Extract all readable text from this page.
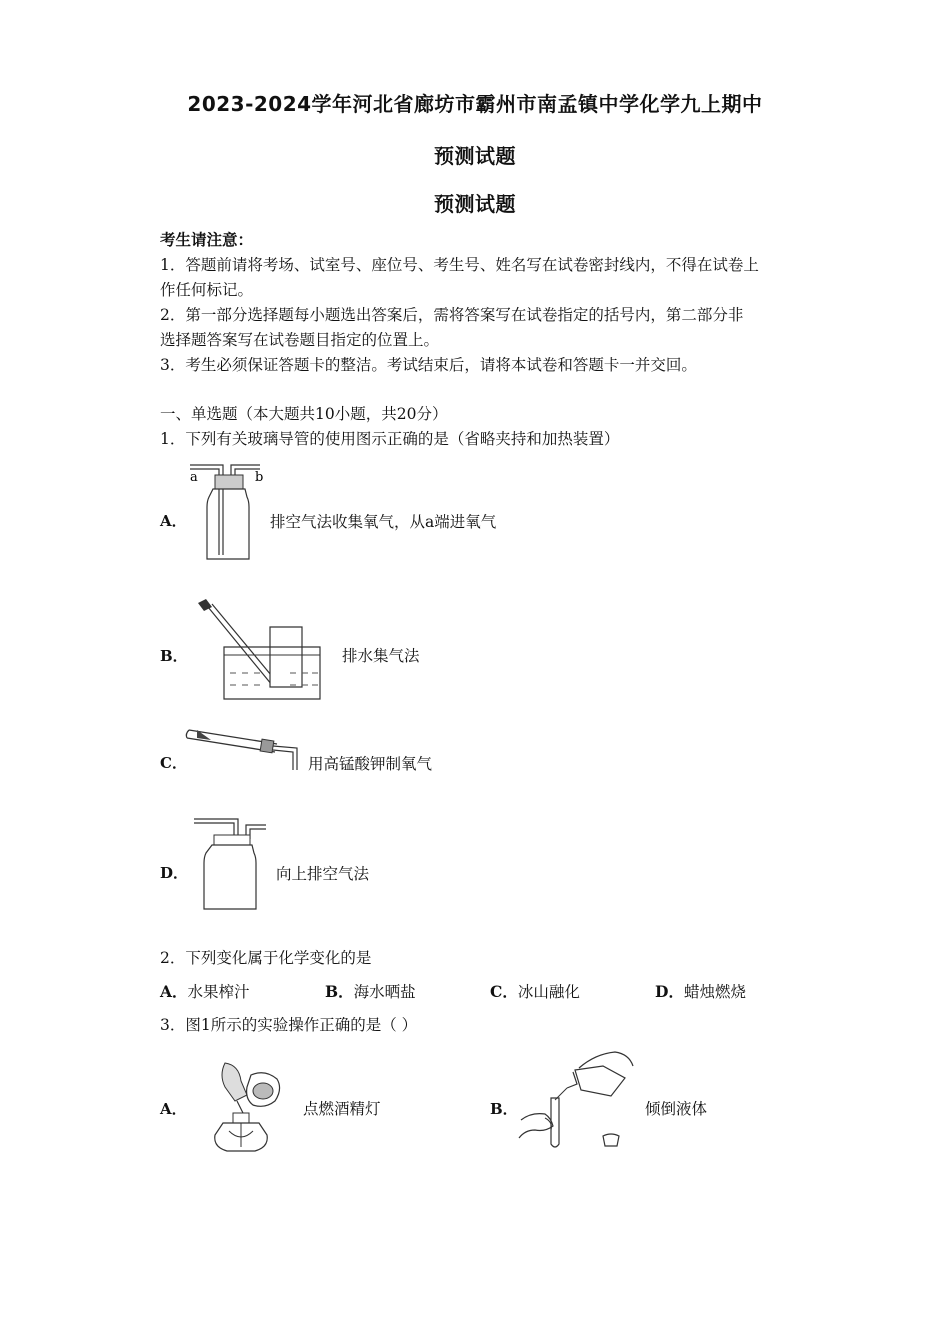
2023-2024学年河北省廊坊市霸州市南孟镇中学化学九上期中
预测试题
预测试题
考生请注意：
1．答题前请将考场、试室号、座位号、考生号、姓名写在试卷密封线内，不得在试卷上
作任何标记。
2．第一部分选择题每小题选出答案后，需将答案写在试卷指定的括号内，第二部分非
选择题答案写在试卷题目指定的位置上。
3．考生必须保证答题卡的整洁。考试结束后，请将本试卷和答题卡一并交回。
一、单选题（本大题共10小题，共20分）
1．下列有关玻璃导管的使用图示正确的是（省略夹持和加热装置）
A．
a	b
排空气法收集氧气，从a端进氧气
B．	排水集气法
C．	用高锰酸钾制氧气
D．	向上排空气法
2．下列变化属于化学变化的是
A．水果榨汁	B．海水晒盐	C．冰山融化	D．蜡烛燃烧
3．图1所示的实验操作正确的是（ ）
A．	点燃酒精灯	B．	倾倒液体
